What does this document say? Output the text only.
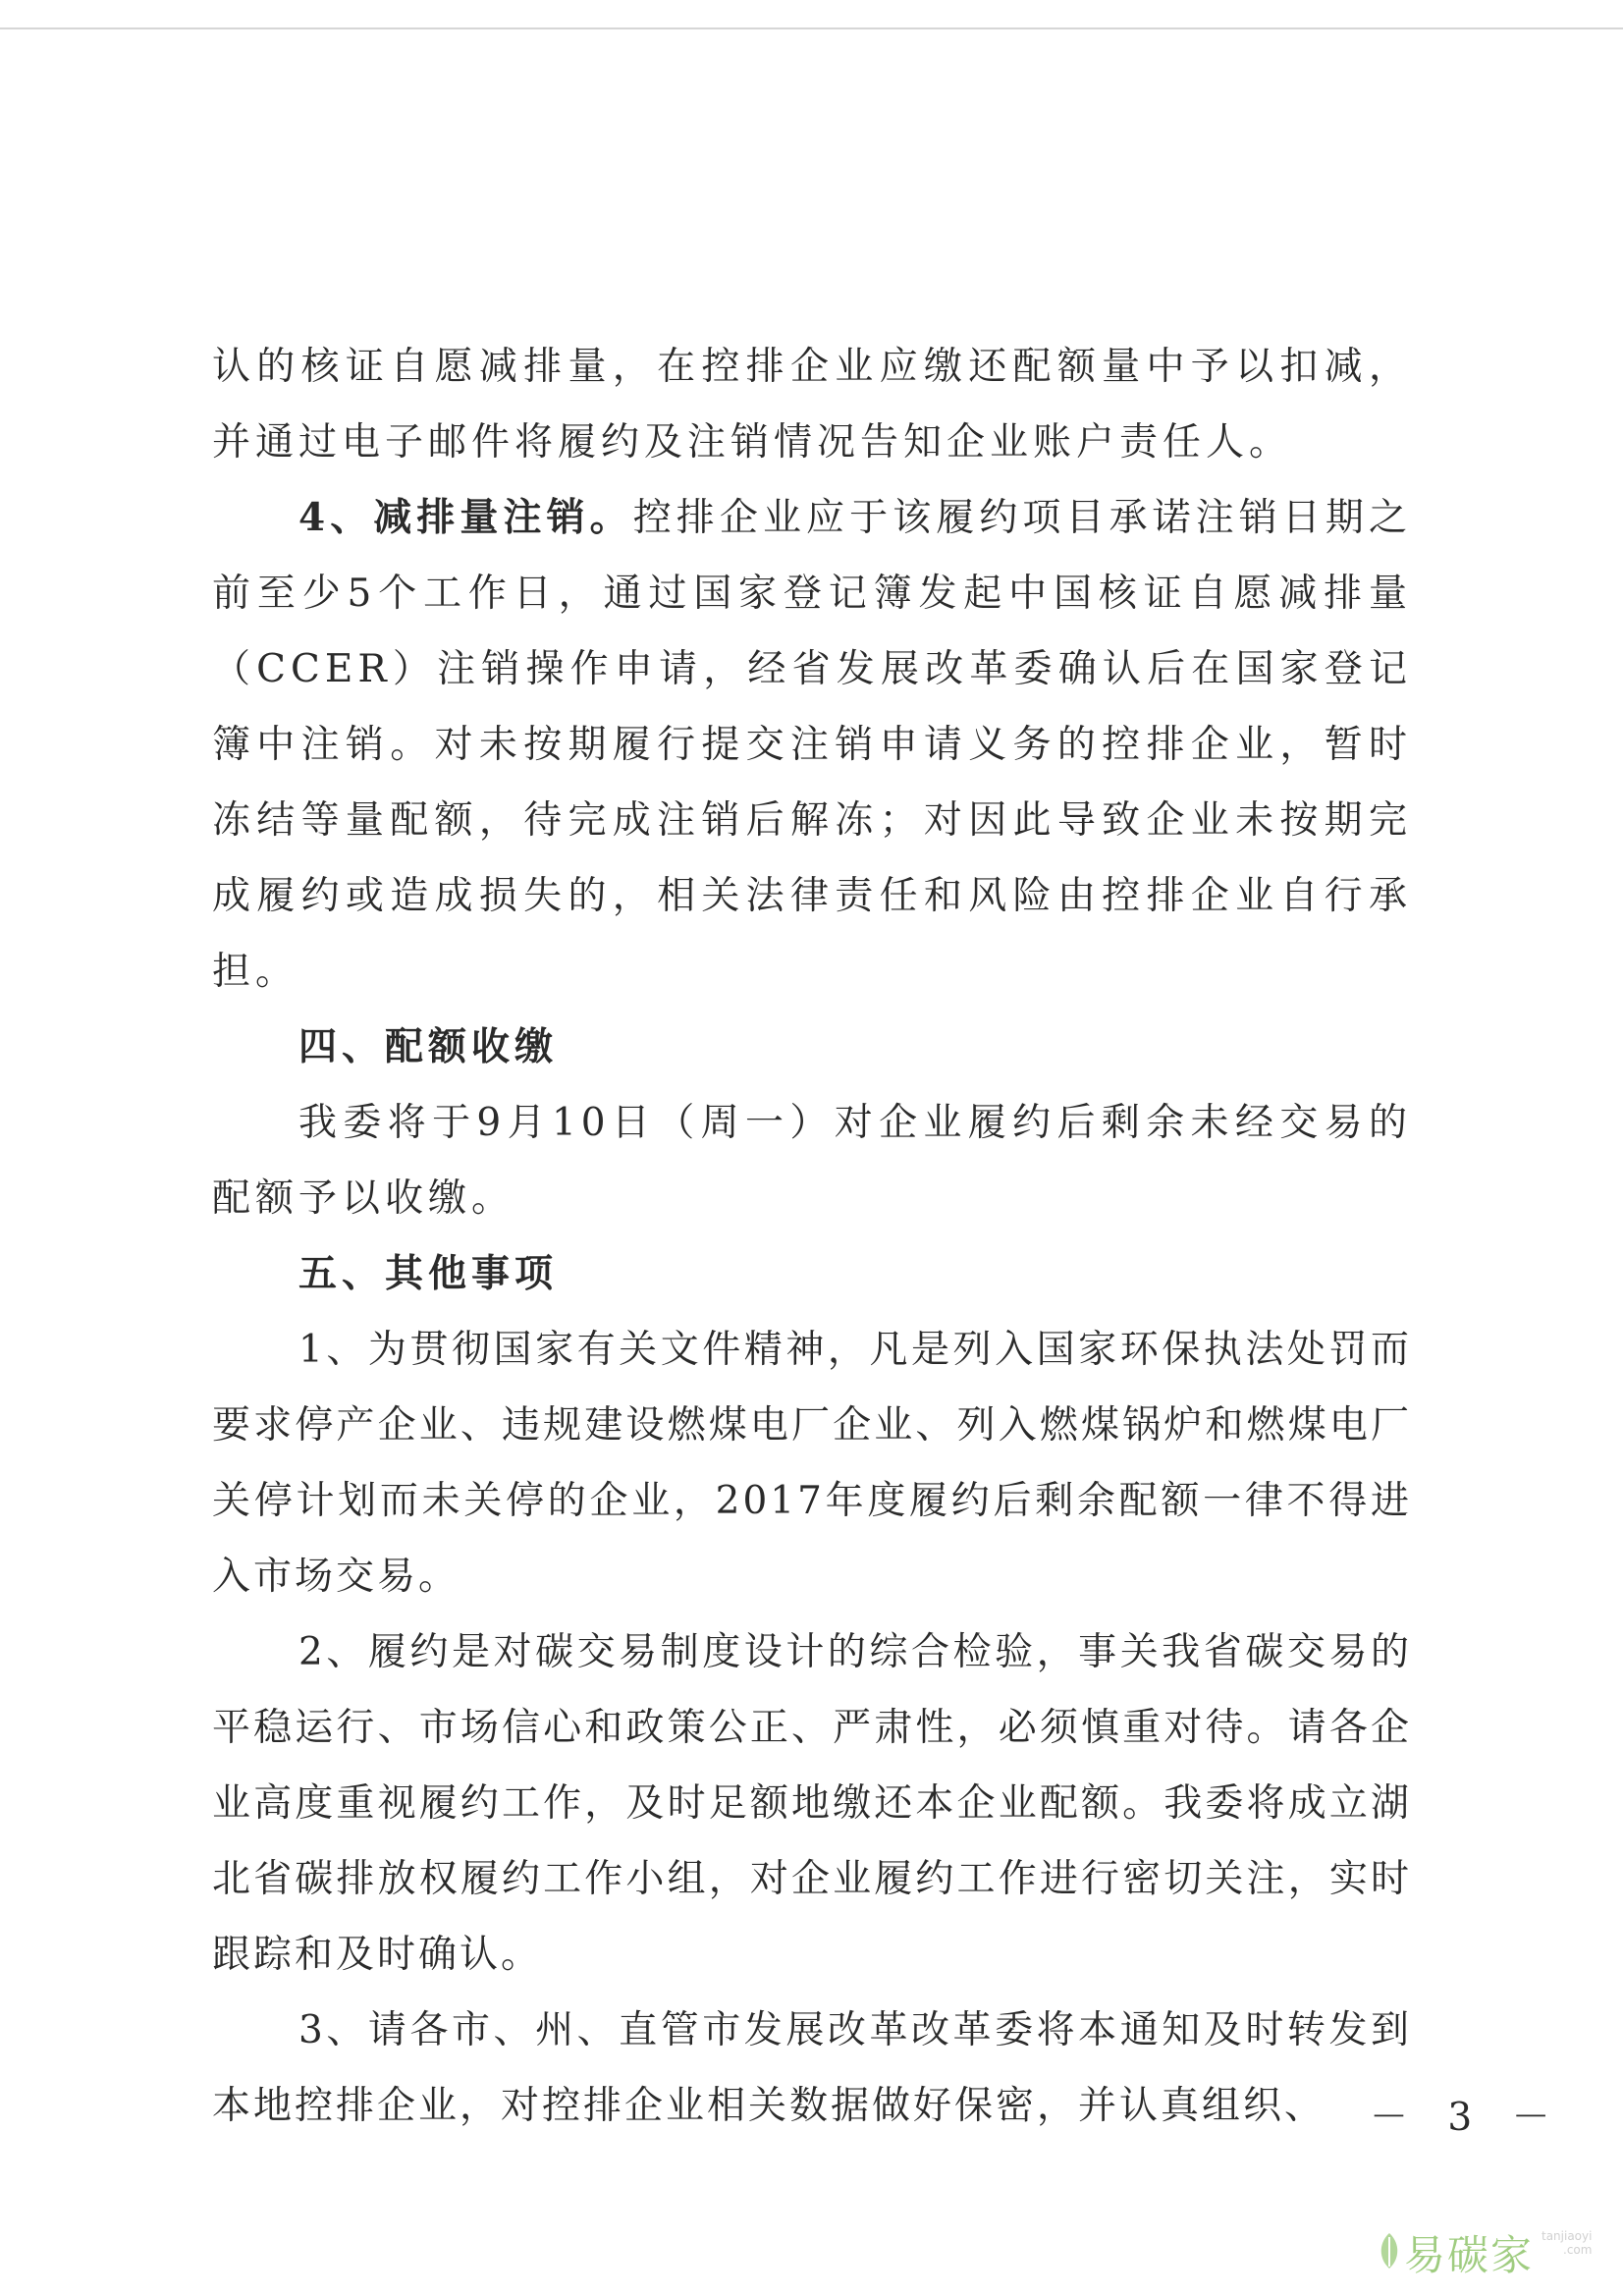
认的核证自愿减排量，在控排企业应缴还配额量中予以扣减，并通过电子邮件将履约及注销情况告知企业账户责任人。

4、减排量注销。控排企业应于该履约项目承诺注销日期之前至少5个工作日，通过国家登记簿发起中国核证自愿减排量（CCER）注销操作申请，经省发展改革委确认后在国家登记簿中注销。对未按期履行提交注销申请义务的控排企业，暂时冻结等量配额，待完成注销后解冻；对因此导致企业未按期完成履约或造成损失的，相关法律责任和风险由控排企业自行承担。

四、配额收缴

我委将于9月10日（周一）对企业履约后剩余未经交易的配额予以收缴。

五、其他事项

1、为贯彻国家有关文件精神，凡是列入国家环保执法处罚而要求停产企业、违规建设燃煤电厂企业、列入燃煤锅炉和燃煤电厂关停计划而未关停的企业，2017年度履约后剩余配额一律不得进入市场交易。

2、履约是对碳交易制度设计的综合检验，事关我省碳交易的平稳运行、市场信心和政策公正、严肃性，必须慎重对待。请各企业高度重视履约工作，及时足额地缴还本企业配额。我委将成立湖北省碳排放权履约工作小组，对企业履约工作进行密切关注，实时跟踪和及时确认。

3、请各市、州、直管市发展改革改革委将本通知及时转发到本地控排企业，对控排企业相关数据做好保密，并认真组织、	－ 3 －
易碳家 tanjiaoyi
.com
